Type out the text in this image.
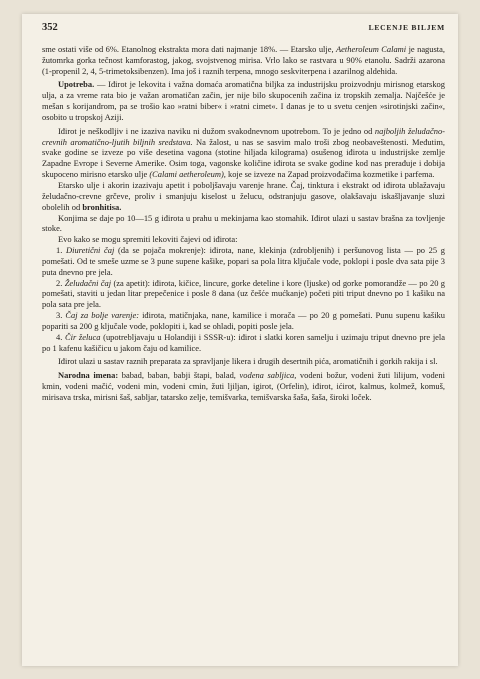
352	LECENJE BILJEM

sme ostati više od 6%. Etanolnog ekstrakta mora dati najmanje 18%. — Etarsko ulje, Aetheroleum Calami je nagusta, žutomrka gorka tečnost kamforastog, jakog, svojstvenog mirisa. Vrlo lako se rastvara u 90% etanolu. Sadrži azarona (1-propenil 2, 4, 5-trimetoksibenzen). Ima još i raznih terpena, mnogo seskviterpena i azarilnog aldehida.

Upotreba. — Iđirot je lekovita i važna domaća aromatična biljka za industrijsku proizvodnju mirisnog etarskog ulja, a za vreme rata bio je važan aromatičan začin, jer nije bilo skupocenih začina iz tropskih zemalja. Najčešće je mešan s korijandrom, pa se trošio kao »ratni biber« i »ratni cimet«. I danas je to u svetu cenjen »sirotinjski začin«, osobito u tropskoj Aziji.

Iđirot je neškodljiv i ne izaziva naviku ni dužom svakodnevnom upotrebom. To je jedno od najboljih želudačno-crevnih aromatično-ljutih biljnih sredstava. Na žalost, u nas se sasvim malo troši zbog neobaveštenosti. Međutim, svake godine se izveze po više desetina vagona (stotine hiljada kilograma) osušenog iđirota u industrijske zemlje Zapadne Evrope i Severne Amerike. Osim toga, vagonske količine iđirota se svake godine kod nas prerađuje i dobija skupoceno mirisno etarsko ulje (Calami aetheroleum), koje se izveze na Zapad proizvođačima kozmetike i parfema.

Etarsko ulje i akorin izazivaju apetit i poboljšavaju varenje hrane. Čaj, tinktura i ekstrakt od iđirota ublažavaju želudačno-crevne grčeve, proliv i smanjuju kiselost u želucu, odstranjuju gasove, olakšavaju iskašljavanje sluzi obolelih od bronhitisa.

Konjima se daje po 10—15 g iđirota u prahu u mekinjama kao stomahik. Iđirot ulazi u sastav brašna za tovljenje stoke.

Evo kako se mogu spremiti lekoviti čajevi od iđirota:

1. Diuretični čaj (da se pojača mokrenje): iđirota, nane, klekinja (zdrobljenih) i peršunovog lista — po 25 g pomešati. Od te smeše uzme se 3 pune supene kašike, popari sa pola litra ključale vode, poklopi i posle dva sata pije 3 puta dnevno pre jela.

2. Želudačni čaj (za apetit): iđirota, kičice, lincure, gorke deteline i kore (ljuske) od gorke pomorandže — po 20 g pomešati, staviti u jedan litar prepečenice i posle 8 dana (uz češće mućkanje) početi piti triput dnevno po 1 kašiku na pola sata pre jela.

3. Čaj za bolje varenje: iđirota, matičnjaka, nane, kamilice i morača — po 20 g pomešati. Punu supenu kašiku popariti sa 200 g ključale vode, poklopiti i, kad se ohladi, popiti posle jela.

4. Čir želuca (upotrebljavaju u Holandiji i SSSR-u): iđirot i slatki koren samelju i uzimaju triput dnevno pre jela po 1 kafenu kašičicu u jakom čaju od kamilice.

Iđirot ulazi u sastav raznih preparata za spravljanje likera i drugih desertnih pića, aromatičnih i gorkih rakija i sl.

Narodna imena: babad, baban, babji štapi, balad, vodena sabljica, vodeni božur, vodeni žuti lilijum, vodeni kmin, vodeni mačić, vodeni min, vodeni cmin, žuti ljiljan, igirot, (Orfelin), iđirot, ićirot, kalmus, kolmež, komuš, mirisava trska, mirisni šaš, sabljar, tatarsko zelje, temišvarka, temišvarska šaša, šaša, široki loček.
